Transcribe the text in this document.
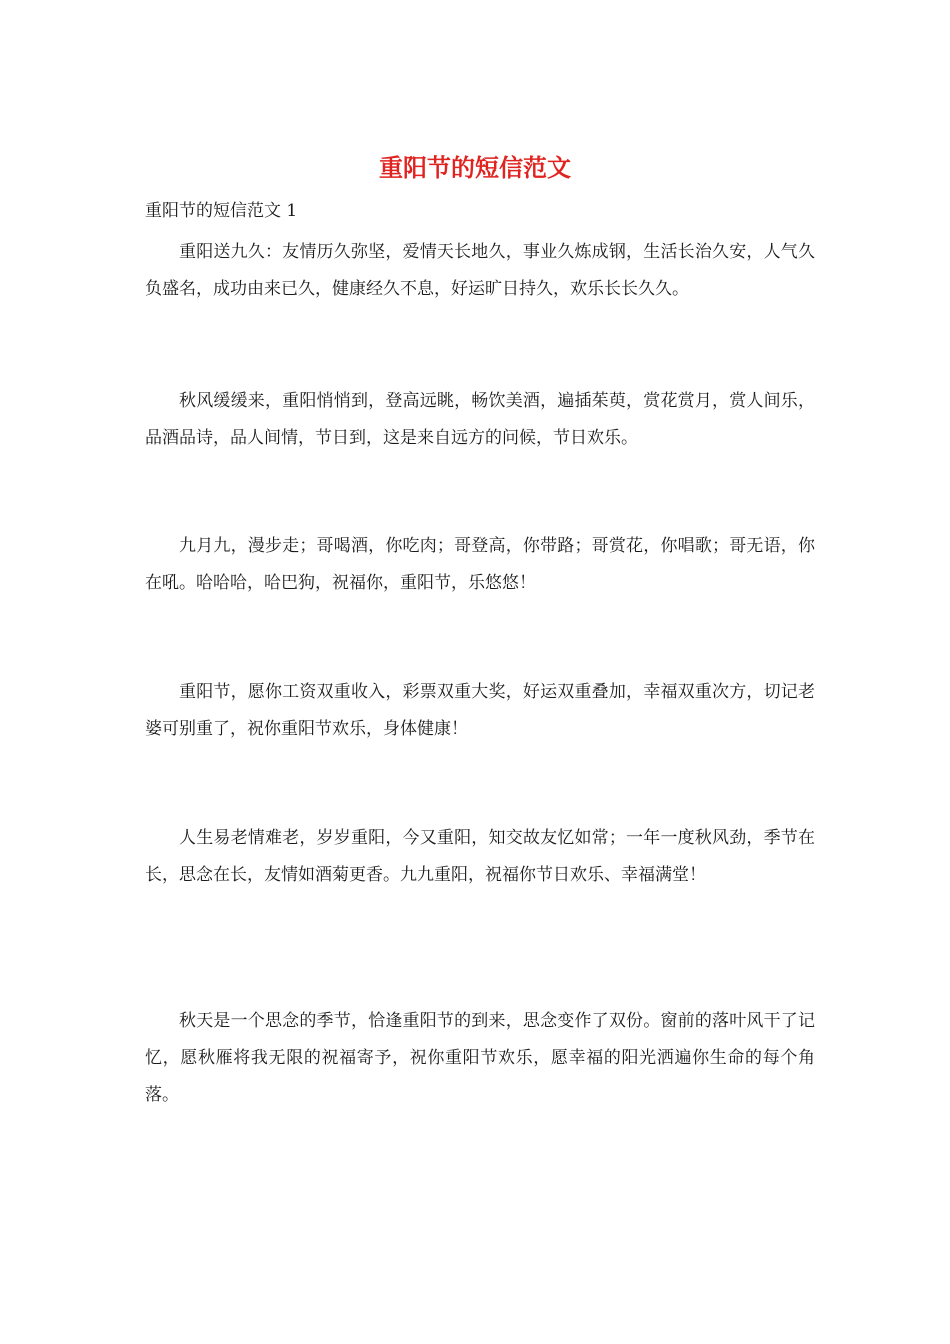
重阳节的短信范文

重阳节的短信范文 1

重阳送九久：友情历久弥坚，爱情天长地久，事业久炼成钢，生活长治久安，人气久负盛名，成功由来已久，健康经久不息，好运旷日持久，欢乐长长久久。

秋风缓缓来，重阳悄悄到，登高远眺，畅饮美酒，遍插茱萸，赏花赏月，赏人间乐，品酒品诗，品人间情，节日到，这是来自远方的问候，节日欢乐。

九月九，漫步走；哥喝酒，你吃肉；哥登高，你带路；哥赏花，你唱歌；哥无语，你在吼。哈哈哈，哈巴狗，祝福你，重阳节，乐悠悠！

重阳节，愿你工资双重收入，彩票双重大奖，好运双重叠加，幸福双重次方，切记老婆可别重了，祝你重阳节欢乐，身体健康！

人生易老情难老，岁岁重阳，今又重阳，知交故友忆如常；一年一度秋风劲，季节在长，思念在长，友情如酒菊更香。九九重阳，祝福你节日欢乐、幸福满堂！

秋天是一个思念的季节，恰逢重阳节的到来，思念变作了双份。窗前的落叶风干了记忆，愿秋雁将我无限的祝福寄予，祝你重阳节欢乐，愿幸福的阳光洒遍你生命的每个角落。
